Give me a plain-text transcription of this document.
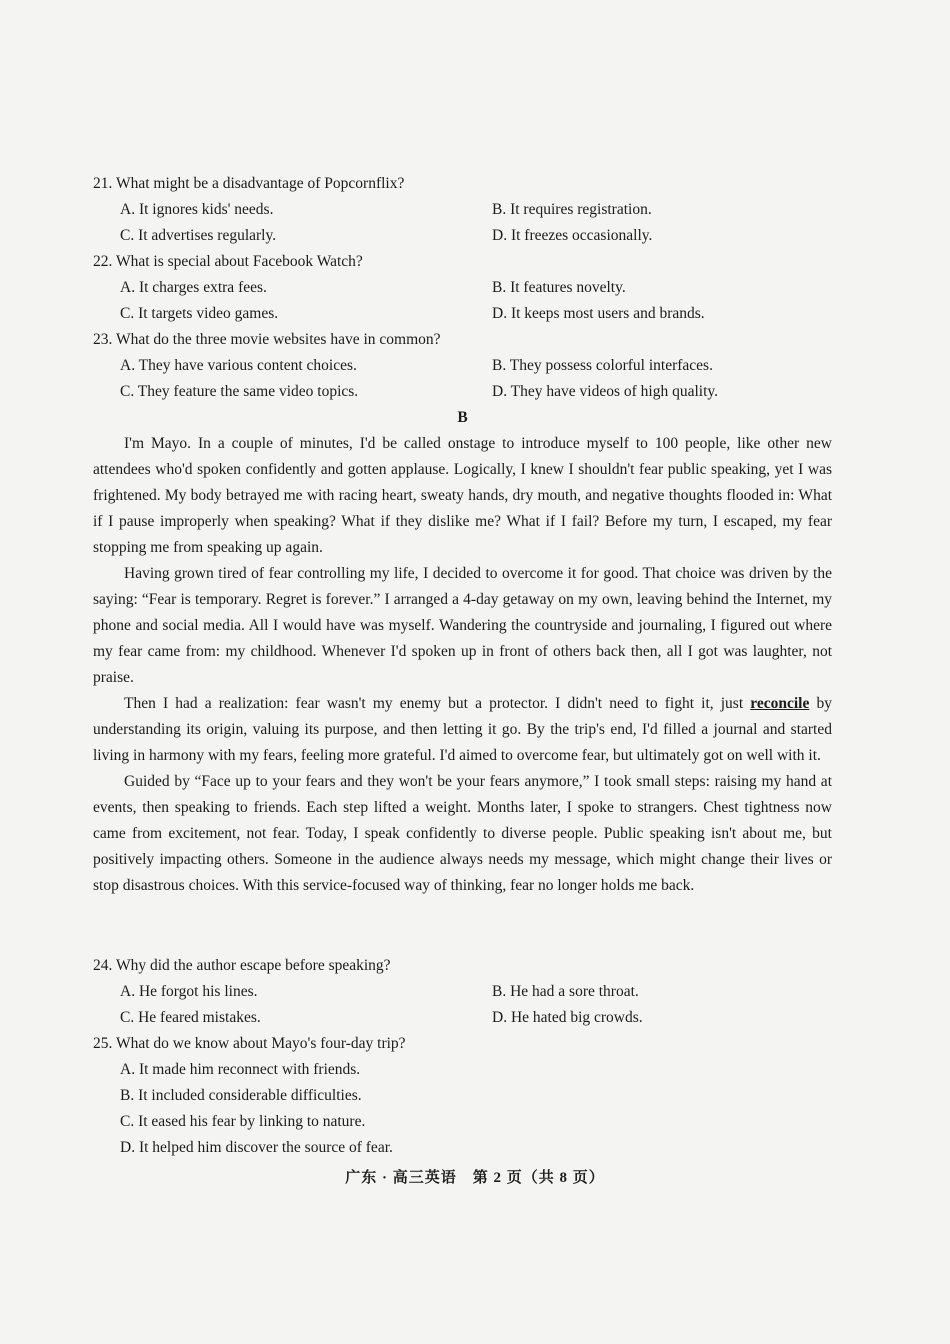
21. What might be a disadvantage of Popcornflix?
A. It ignores kids' needs.	B. It requires registration.
C. It advertises regularly.	D. It freezes occasionally.
22. What is special about Facebook Watch?
A. It charges extra fees.	B. It features novelty.
C. It targets video games.	D. It keeps most users and brands.
23. What do the three movie websites have in common?
A. They have various content choices.	B. They possess colorful interfaces.
C. They feature the same video topics.	D. They have videos of high quality.
B

I'm Mayo. In a couple of minutes, I'd be called onstage to introduce myself to 100 people, like other new attendees who'd spoken confidently and gotten applause. Logically, I knew I shouldn't fear public speaking, yet I was frightened. My body betrayed me with racing heart, sweaty hands, dry mouth, and negative thoughts flooded in: What if I pause improperly when speaking? What if they dislike me? What if I fail? Before my turn, I escaped, my fear stopping me from speaking up again.

Having grown tired of fear controlling my life, I decided to overcome it for good. That choice was driven by the saying: “Fear is temporary. Regret is forever.” I arranged a 4-day getaway on my own, leaving behind the Internet, my phone and social media. All I would have was myself. Wandering the countryside and journaling, I figured out where my fear came from: my childhood. Whenever I'd spoken up in front of others back then, all I got was laughter, not praise.

Then I had a realization: fear wasn't my enemy but a protector. I didn't need to fight it, just reconcile by understanding its origin, valuing its purpose, and then letting it go. By the trip's end, I'd filled a journal and started living in harmony with my fears, feeling more grateful. I'd aimed to overcome fear, but ultimately got on well with it.

Guided by “Face up to your fears and they won't be your fears anymore,” I took small steps: raising my hand at events, then speaking to friends. Each step lifted a weight. Months later, I spoke to strangers. Chest tightness now came from excitement, not fear. Today, I speak confidently to diverse people. Public speaking isn't about me, but positively impacting others. Someone in the audience always needs my message, which might change their lives or stop disastrous choices. With this service-focused way of thinking, fear no longer holds me back.

24. Why did the author escape before speaking?
A. He forgot his lines.	B. He had a sore throat.
C. He feared mistakes.	D. He hated big crowds.
25. What do we know about Mayo's four-day trip?
A. It made him reconnect with friends.
B. It included considerable difficulties.
C. It eased his fear by linking to nature.
D. It helped him discover the source of fear.
广东 · 高三英语　第 2 页（共 8 页）
